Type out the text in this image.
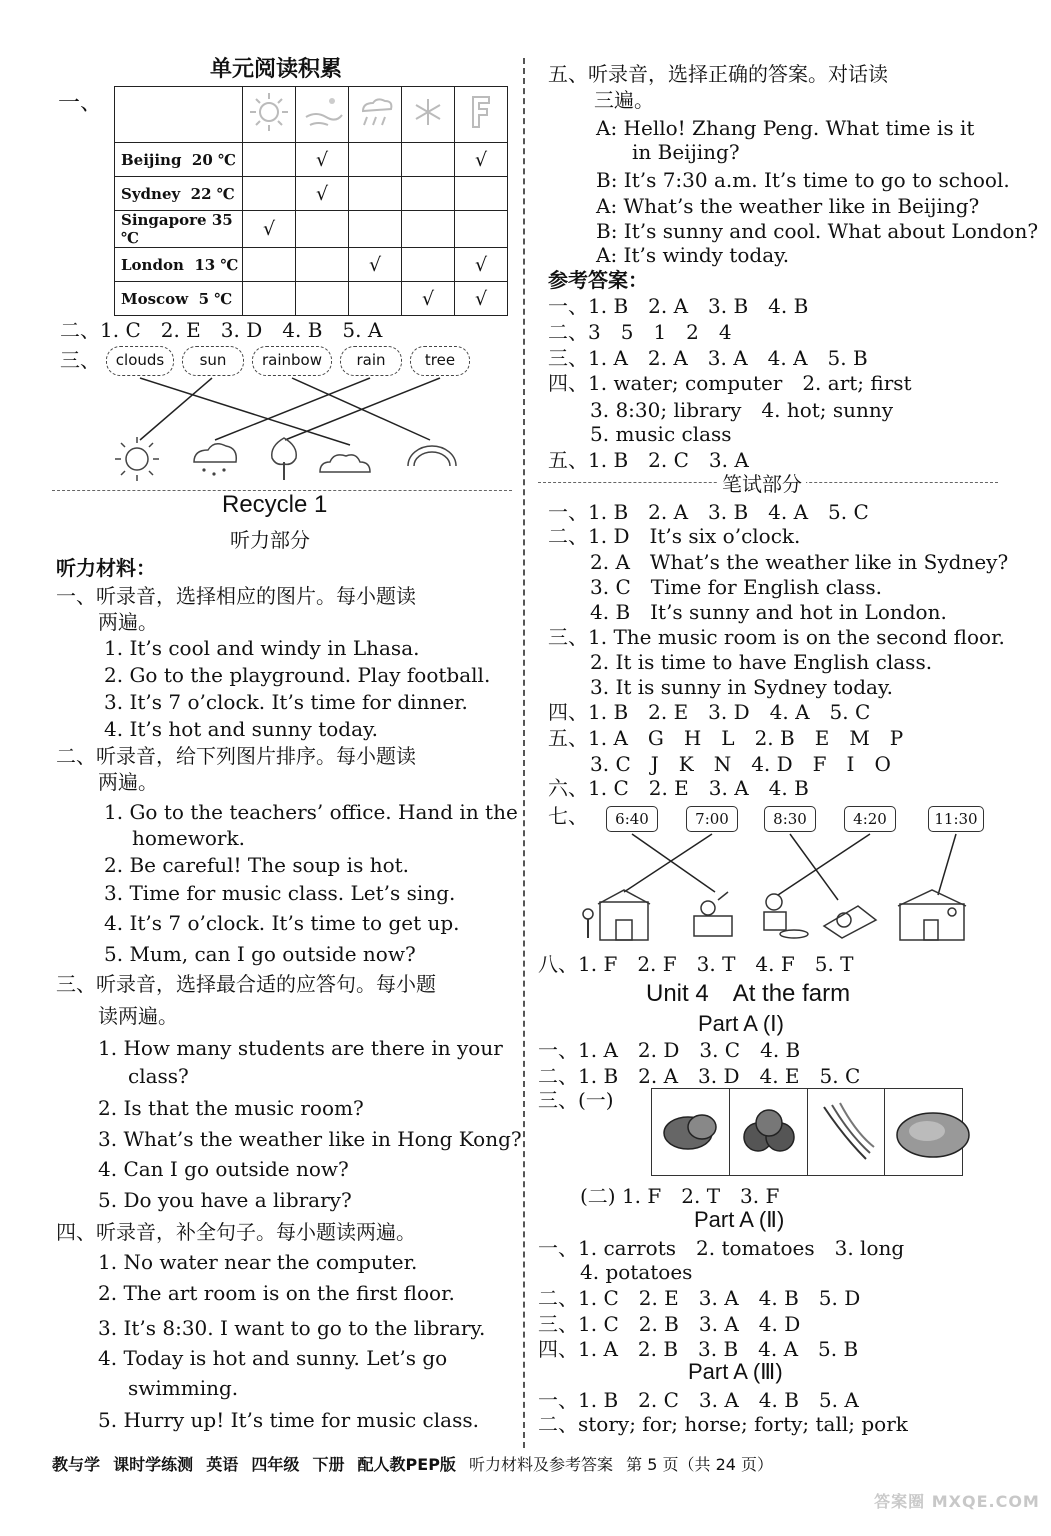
单元阅读积累
一、

Beijing 20 ℃		√			√
Sydney 22 ℃		√			
Singapore 35 ℃	√				
London 13 ℃			√		√
Moscow 5 ℃				√	√
二、1. C　2. E　3. D　4. B　5. A
三、	clouds	sun	rainbow	rain	tree
Recycle 1
听力部分
听力材料：
一、听录音，选择相应的图片。每小题读
两遍。
1. It’s cool and windy in Lhasa.
2. Go to the playground. Play football.
3. It’s 7 o’clock. It’s time for dinner.
4. It’s hot and sunny today.
二、听录音，给下列图片排序。每小题读
两遍。
1. Go to the teachers’ office. Hand in the
homework.
2. Be careful! The soup is hot.
3. Time for music class. Let’s sing.
4. It’s 7 o’clock. It’s time to get up.
5. Mum, can I go outside now?
三、听录音，选择最合适的应答句。每小题
读两遍。
1. How many students are there in your
class?
2. Is that the music room?
3. What’s the weather like in Hong Kong?
4. Can I go outside now?
5. Do you have a library?
四、听录音，补全句子。每小题读两遍。
1. No water near the computer.
2. The art room is on the first floor.
3. It’s 8:30. I want to go to the library.
4. Today is hot and sunny. Let’s go
swimming.
5. Hurry up! It’s time for music class.
五、听录音，选择正确的答案。对话读
三遍。
A: Hello! Zhang Peng. What time is it
in Beijing?
B: It’s 7:30 a.m. It’s time to go to school.
A: What’s the weather like in Beijing?
B: It’s sunny and cool. What about London?
A: It’s windy today.
参考答案：
一、1. B　2. A　3. B　4. B
二、3　5　1　2　4
三、1. A　2. A　3. A　4. A　5. B
四、1. water; computer　2. art; first
3. 8:30; library　4. hot; sunny
5. music class
五、1. B　2. C　3. A
笔试部分
一、1. B　2. A　3. B　4. A　5. C
二、1. D　It’s six o’clock.
2. A　What’s the weather like in Sydney?
3. C　Time for English class.
4. B　It’s sunny and hot in London.
三、1. The music room is on the second floor.
2. It is time to have English class.
3. It is sunny in Sydney today.
四、1. B　2. E　3. D　4. A　5. C
五、1. A　G　H　L　2. B　E　M　P
3. C　J　K　N　4. D　F　I　O
六、1. C　2. E　3. A　4. B
七、	6:40	7:00	8:30	4:20	11:30
八、1. F　2. F　3. T　4. F　5. T
Unit 4　At the farm
Part A (Ⅰ)
一、1. A　2. D　3. C　4. B
二、1. B　2. A　3. D　4. E　5. C
三、(一)
(二) 1. F　2. T　3. F
Part A (Ⅱ)
一、1. carrots　2. tomatoes　3. long
4. potatoes
二、1. C　2. E　3. A　4. B　5. D
三、1. C　2. B　3. A　4. D
四、1. A　2. B　3. B　4. A　5. B
Part A (Ⅲ)
一、1. B　2. C　3. A　4. B　5. A
二、story; for; horse; forty; tall; pork
教与学 课时学练测 英语 四年级 下册 配人教PEP版 听力材料及参考答案 第 5 页（共 24 页）
答案圈 MXQE.COM
